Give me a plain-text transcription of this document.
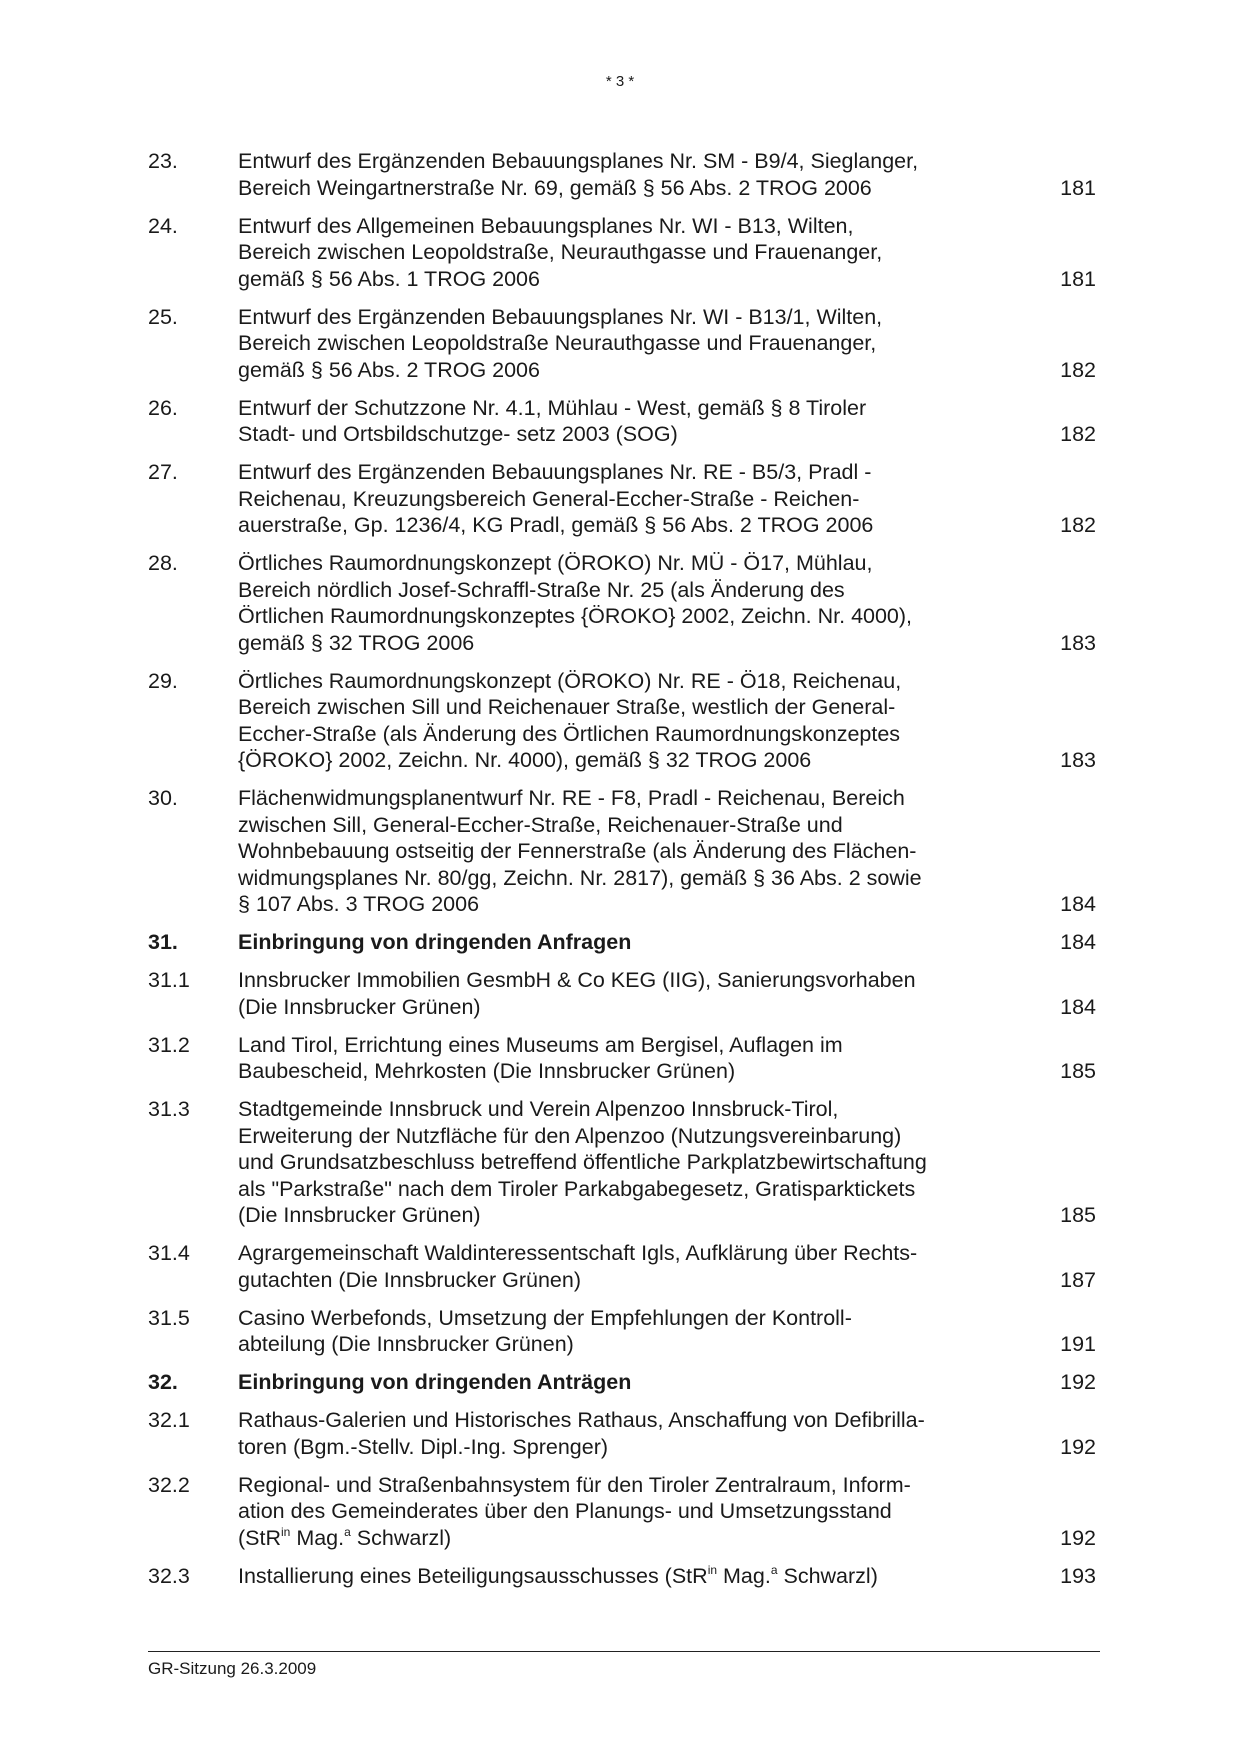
* 3 *
23.	Entwurf des Ergänzenden Bebauungsplanes Nr. SM - B9/4, Sieglanger,
Bereich Weingartnerstraße Nr. 69, gemäß § 56 Abs. 2 TROG 2006	181
24.	Entwurf des Allgemeinen Bebauungsplanes Nr. WI - B13, Wilten,
Bereich zwischen Leopoldstraße, Neurauthgasse und Frauenanger,
gemäß § 56 Abs. 1 TROG 2006	181
25.	Entwurf des Ergänzenden Bebauungsplanes Nr. WI - B13/1, Wilten,
Bereich zwischen Leopoldstraße Neurauthgasse und Frauenanger,
gemäß § 56 Abs. 2 TROG 2006	182
26.	Entwurf der Schutzzone Nr. 4.1, Mühlau - West, gemäß § 8 Tiroler
Stadt- und Ortsbildschutzge- setz 2003 (SOG)	182
27.	Entwurf des Ergänzenden Bebauungsplanes Nr. RE - B5/3, Pradl -
Reichenau, Kreuzungsbereich General-Eccher-Straße - Reichen-
auerstraße, Gp. 1236/4, KG Pradl, gemäß § 56 Abs. 2 TROG 2006	182
28.	Örtliches Raumordnungskonzept (ÖROKO) Nr. MÜ - Ö17, Mühlau,
Bereich nördlich Josef-Schraffl-Straße Nr. 25 (als Änderung des
Örtlichen Raumordnungskonzeptes {ÖROKO} 2002, Zeichn. Nr. 4000),
gemäß § 32 TROG 2006	183
29.	Örtliches Raumordnungskonzept (ÖROKO) Nr. RE - Ö18, Reichenau,
Bereich zwischen Sill und Reichenauer Straße, westlich der General-
Eccher-Straße (als Änderung des Örtlichen Raumordnungskonzeptes
{ÖROKO} 2002, Zeichn. Nr. 4000), gemäß § 32 TROG 2006	183
30.	Flächenwidmungsplanentwurf Nr. RE - F8, Pradl - Reichenau, Bereich
zwischen Sill, General-Eccher-Straße, Reichenauer-Straße und
Wohnbebauung ostseitig der Fennerstraße (als Änderung des Flächen-
widmungsplanes Nr. 80/gg, Zeichn. Nr. 2817), gemäß § 36 Abs. 2 sowie
§ 107 Abs. 3 TROG 2006	184
31.	Einbringung von dringenden Anfragen	184
31.1	Innsbrucker Immobilien GesmbH & Co KEG (IIG), Sanierungsvorhaben
(Die Innsbrucker Grünen)	184
31.2	Land Tirol, Errichtung eines Museums am Bergisel, Auflagen im
Baubescheid, Mehrkosten (Die Innsbrucker Grünen)	185
31.3	Stadtgemeinde Innsbruck und Verein Alpenzoo Innsbruck-Tirol,
Erweiterung der Nutzfläche für den Alpenzoo (Nutzungsvereinbarung)
und Grundsatzbeschluss betreffend öffentliche Parkplatzbewirtschaftung
als "Parkstraße" nach dem Tiroler Parkabgabegesetz, Gratisparktickets
(Die Innsbrucker Grünen)	185
31.4	Agrargemeinschaft Waldinteressentschaft Igls, Aufklärung über Rechts-
gutachten (Die Innsbrucker Grünen)	187
31.5	Casino Werbefonds, Umsetzung der Empfehlungen der Kontroll-
abteilung (Die Innsbrucker Grünen)	191
32.	Einbringung von dringenden Anträgen	192
32.1	Rathaus-Galerien und Historisches Rathaus, Anschaffung von Defibrilla-
toren (Bgm.-Stellv. Dipl.-Ing. Sprenger)	192
32.2	Regional- und Straßenbahnsystem für den Tiroler Zentralraum, Inform-
ation des Gemeinderates über den Planungs- und Umsetzungsstand
(StR$^{in}$ Mag.$^a$ Schwarzl)	192
32.3	Installierung eines Beteiligungsausschusses (StR$^{in}$ Mag.$^a$ Schwarzl)	193
GR-Sitzung 26.3.2009
